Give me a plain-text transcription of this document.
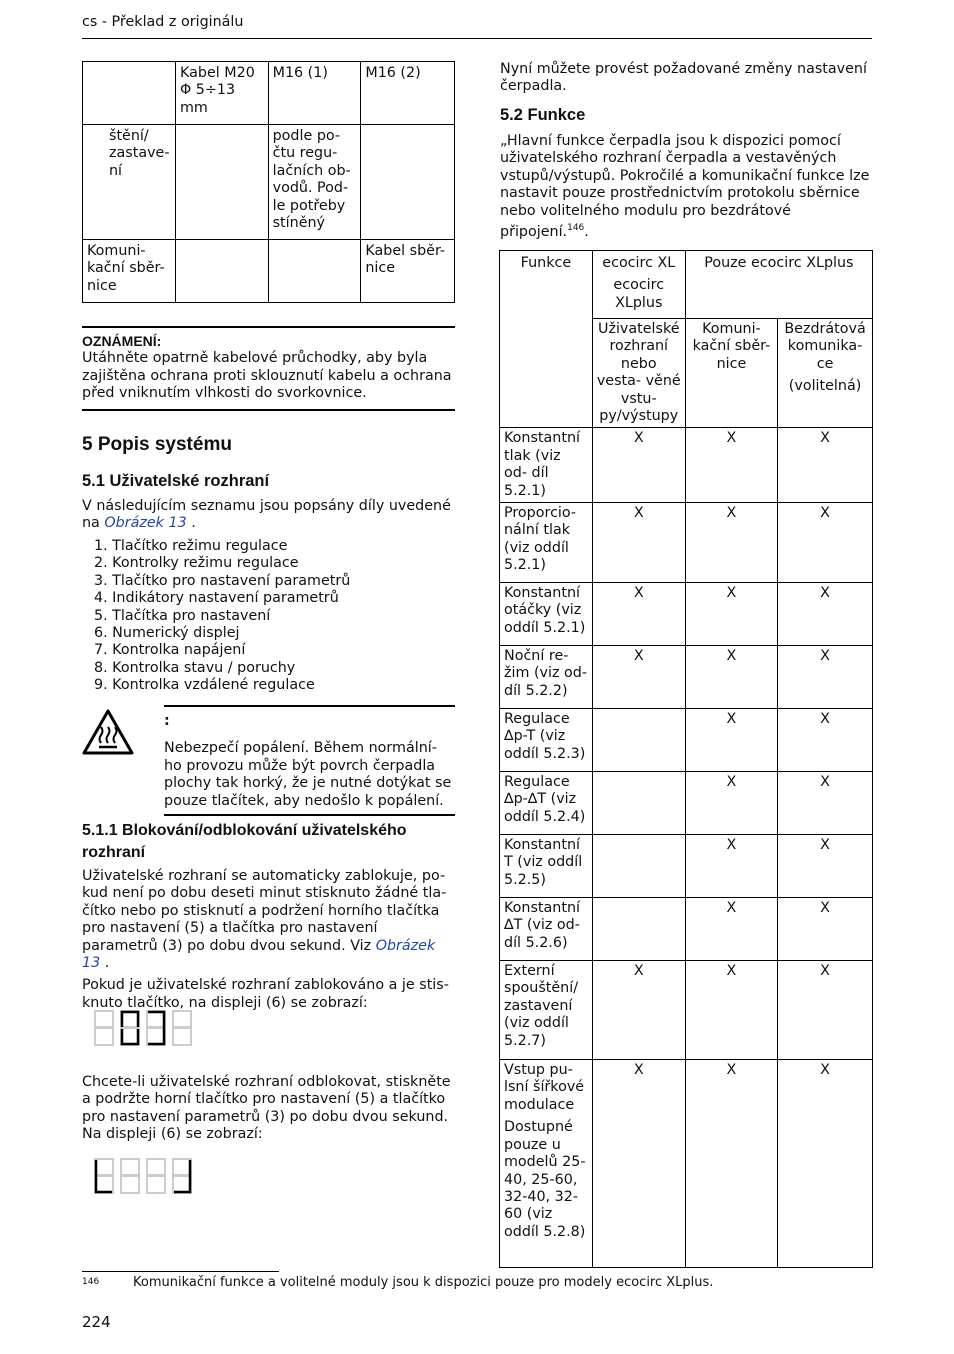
cs - Překlad z originálu
	Kabel M20 Φ 5÷13 mm	M16 (1)	M16 (2)
štění/ zastave- ní		podle po- čtu regu- lačních ob- vodů. Pod- le potřeby stíněný	
Komuni- kační sběr- nice			Kabel sběr- nice
OZNÁMENÍ:

Utáhněte opatrně kabelové průchodky, aby byla zajištěna ochrana proti sklouznutí kabelu a ochrana před vniknutím vlhkosti do svorkovnice.

5 Popis systému
5.1 Uživatelské rozhraní

V následujícím seznamu jsou popsány díly uvedené na Obrázek 13 .

1. Tlačítko režimu regulace
2. Kontrolky režimu regulace
3. Tlačítko pro nastavení parametrů
4. Indikátory nastavení parametrů
5. Tlačítka pro nastavení
6. Numerický displej
7. Kontrolka napájení
8. Kontrolka stavu / poruchy
9. Kontrolka vzdálené regulace
:

Nebezpečí popálení. Během normální- ho provozu může být povrch čerpadla plochy tak horký, že je nutné dotýkat se pouze tlačítek, aby nedošlo k popálení.

5.1.1 Blokování/odblokování uživatelského rozhraní

Uživatelské rozhraní se automaticky zablokuje, po- kud není po dobu deseti minut stisknuto žádné tla- čítko nebo po stisknutí a podržení horního tlačítka pro nastavení (5) a tlačítka pro nastavení parametrů (3) po dobu dvou sekund. Viz Obrázek 13 .

Pokud je uživatelské rozhraní zablokováno a je stis- knuto tlačítko, na displeji (6) se zobrazí:

Chcete-li uživatelské rozhraní odblokovat, stiskněte a podržte horní tlačítko pro nastavení (5) a tlačítko pro nastavení parametrů (3) po dobu dvou sekund. Na displeji (6) se zobrazí:

Nyní můžete provést požadované změny nastavení čerpadla.

5.2 Funkce

„Hlavní funkce čerpadla jsou k dispozici pomocí uživatelského rozhraní čerpadla a vestavěných vstupů/výstupů. Pokročilé a komunikační funkce lze nastavit pouze prostřednictvím protokolu sběrnice nebo volitelného modulu pro bezdrátové připojení.$^{146}$.

Funkce	ecocirc XL
ecocirc XLplus	Pouze ecocirc XLplus	
	Uživatelské rozhraní nebo vesta- věné vstu- py/výstupy	Komuni- kační sběr- nice	Bezdrátová komunika- ce
(volitelná)

Konstantní tlak (viz od- díl 5.2.1)	X	X	X

Proporcio- nální tlak (viz oddíl 5.2.1)	X	X	X

Konstantní otáčky (viz oddíl 5.2.1)	X	X	X

Noční re- žim (viz od- díl 5.2.2)	X	X	X

Regulace ∆p-T (viz oddíl 5.2.3)		X	X

Regulace ∆p-∆T (viz oddíl 5.2.4)		X	X

Konstantní T (viz oddíl 5.2.5)		X	X

Konstantní ∆T (viz od- díl 5.2.6)		X	X

Externí spouštění/ zastavení (viz oddíl 5.2.7)	X	X	X

Vstup pu- lsní šířkové modulace
Dostupné pouze u modelů 25-40, 25-60, 32-40, 32-60 (viz oddíl 5.2.8)	X	X	X
146	Komunikační funkce a volitelné moduly jsou k dispozici pouze pro modely ecocirc XLplus.
224
